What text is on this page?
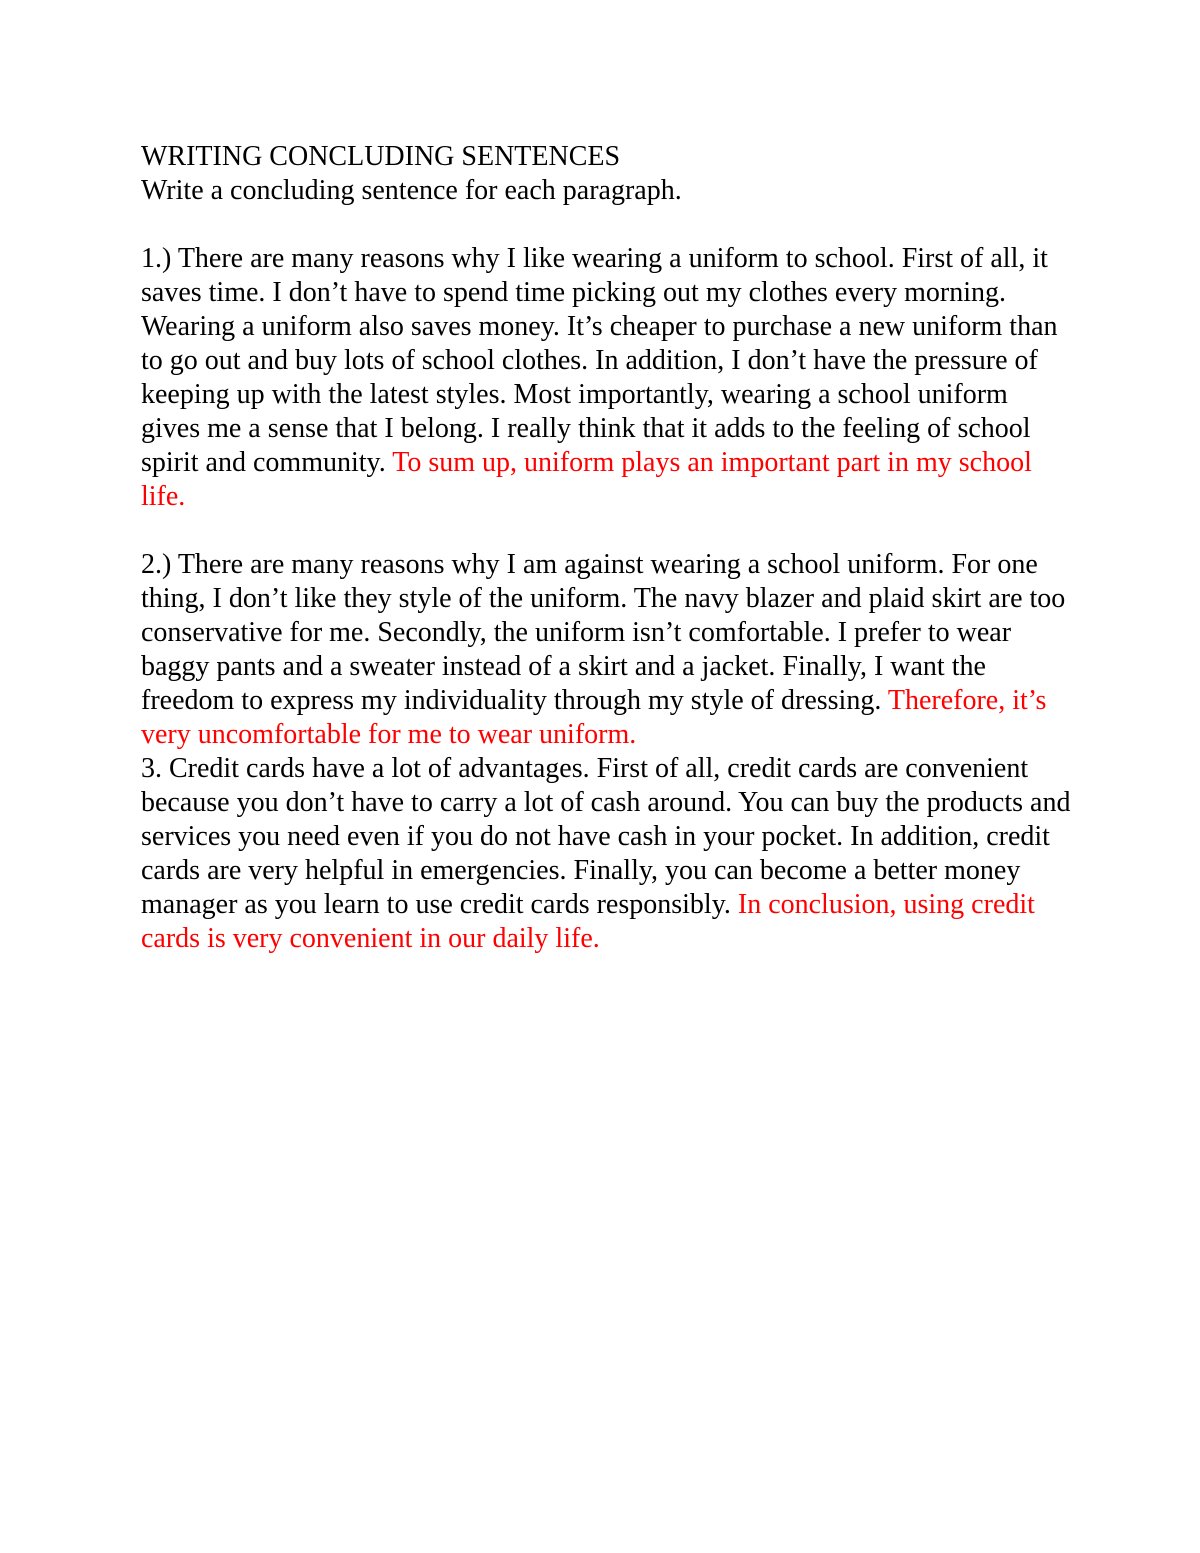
WRITING CONCLUDING SENTENCES

Write a concluding sentence for each paragraph.

1.) There are many reasons why I like wearing a uniform to school. First of all, it saves time. I don’t have to spend time picking out my clothes every morning. Wearing a uniform also saves money. It’s cheaper to purchase a new uniform than to go out and buy lots of school clothes. In addition, I don’t have the pressure of keeping up with the latest styles. Most importantly, wearing a school uniform gives me a sense that I belong. I really think that it adds to the feeling of school spirit and community. To sum up, uniform plays an important part in my school life.

2.) There are many reasons why I am against wearing a school uniform. For one thing, I don’t like they style of the uniform. The navy blazer and plaid skirt are too conservative for me. Secondly, the uniform isn’t comfortable. I prefer to wear baggy pants and a sweater instead of a skirt and a jacket. Finally, I want the freedom to express my individuality through my style of dressing. Therefore, it’s very uncomfortable for me to wear uniform.

3. Credit cards have a lot of advantages. First of all, credit cards are convenient because you don’t have to carry a lot of cash around. You can buy the products and services you need even if you do not have cash in your pocket. In addition, credit cards are very helpful in emergencies. Finally, you can become a better money manager as you learn to use credit cards responsibly. In conclusion, using credit cards is very convenient in our daily life.
